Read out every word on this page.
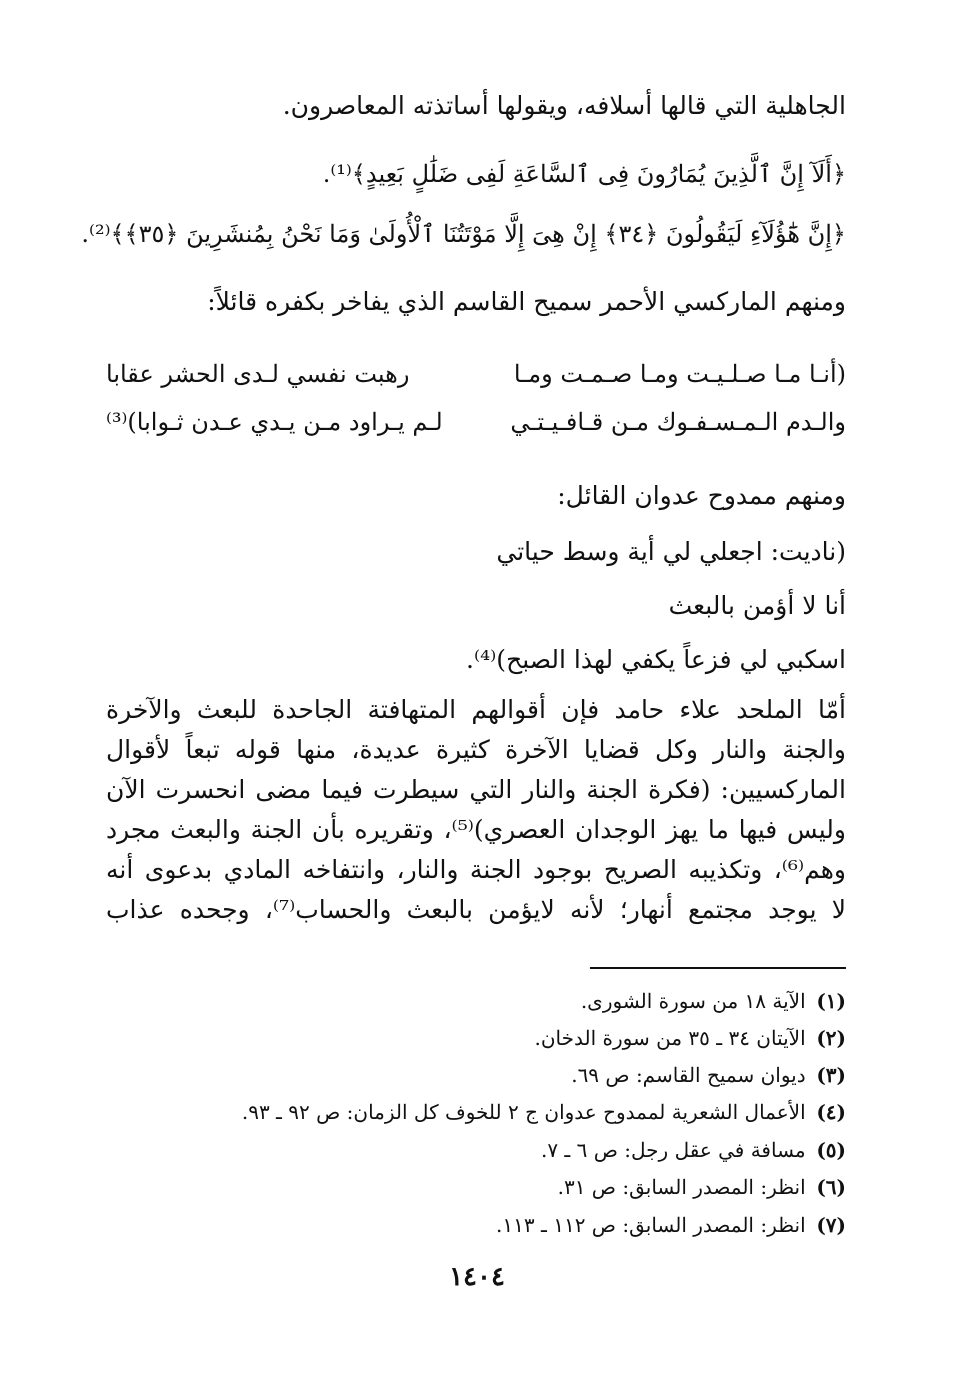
الجاهلية التي قالها أسلافه، ويقولها أساتذته المعاصرون.
﴿أَلَآ إِنَّ ٱلَّذِينَ يُمَارُونَ فِى ٱلسَّاعَةِ لَفِى ضَلَٰلٍ بَعِيدٍ﴾⁽¹⁾.
﴿إِنَّ هَٰٓؤُلَآءِ لَيَقُولُونَ ﴿٣٤﴾ إِنْ هِىَ إِلَّا مَوْتَتُنَا ٱلْأُولَىٰ وَمَا نَحْنُ بِمُنشَرِينَ ﴿٣٥﴾﴾⁽²⁾.
ومنهم الماركسي الأحمر سميح القاسم الذي يفاخر بكفره قائلاً:
(أنـا مـا صـلـيـت ومـا صـمـت ومـا
رهبت نفسي لـدى الحشر عقابا
والـدم الـمـسـفـوك مـن قـافـيـتـي
لـم يـراود مـن يـدي عـدن ثـوابا)⁽³⁾
ومنهم ممدوح عدوان القائل:
(ناديت: اجعلي لي أية وسط حياتي
أنا لا أؤمن بالبعث
اسكبي لي فزعاً يكفي لهذا الصبح)⁽⁴⁾.
أمّا الملحد علاء حامد فإن أقوالهم المتهافتة الجاحدة للبعث والآخرة
والجنة والنار وكل قضايا الآخرة كثيرة عديدة، منها قوله تبعاً لأقوال
الماركسيين: (فكرة الجنة والنار التي سيطرت فيما مضى انحسرت الآن
وليس فيها ما يهز الوجدان العصري)⁽⁵⁾، وتقريره بأن الجنة والبعث مجرد
وهم⁽⁶⁾، وتكذيبه الصريح بوجود الجنة والنار، وانتفاخه المادي بدعوى أنه
لا يوجد مجتمع أنهار؛ لأنه لايؤمن بالبعث والحساب⁽⁷⁾، وجحده عذاب
(١) الآية ١٨ من سورة الشورى.
(٢) الآيتان ٣٤ ـ ٣٥ من سورة الدخان.
(٣) ديوان سميح القاسم: ص ٦٩.
(٤) الأعمال الشعرية لممدوح عدوان ج ٢ للخوف كل الزمان: ص ٩٢ ـ ٩٣.
(٥) مسافة في عقل رجل: ص ٦ ـ ٧.
(٦) انظر: المصدر السابق: ص ٣١.
(٧) انظر: المصدر السابق: ص ١١٢ ـ ١١٣.
١٤٠٤
